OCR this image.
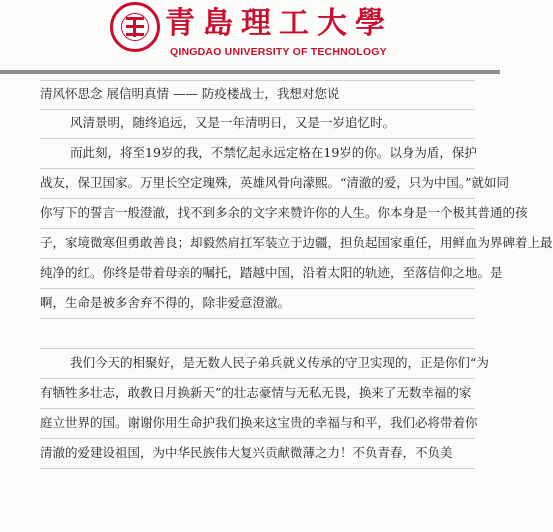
青島理工大學
QINGDAO UNIVERSITY OF TECHNOLOGY
清风怀思念 展信明真情 —— 防疫楼战士，我想对您说
风清景明，随终追远，又是一年清明日，又是一岁追忆时。
而此刻，将至19岁的我，不禁忆起永远定格在19岁的你。以身为盾，保护
战友，保卫国家。万里长空定瑰殊，英雄风骨向濛熙。“清澈的爱，只为中国。”就如同
你写下的誓言一般澄澈，找不到多余的文字来赞许你的人生。你本身是一个极其普通的孩
子，家境微寒但勇敢善良；却毅然肩扛军装立于边疆，担负起国家重任，用鲜血为界碑着上最
纯净的红。你终是带着母亲的嘱托，踏越中国，沿着太阳的轨迹，至落信仰之地。是
啊，生命是被多舍弃不得的，除非爱意澄澈。
我们今天的相聚好，是无数人民子弟兵就义传承的守卫实现的，正是你们“为
有牺牲多壮志，敢教日月换新天”的壮志豪情与无私无畏，换来了无数幸福的家
庭立世界的国。谢谢你用生命护我们换来这宝贵的幸福与和平，我们必将带着你
清澈的爱建设祖国，为中华民族伟大复兴贡献微薄之力！不负青春，不负美
